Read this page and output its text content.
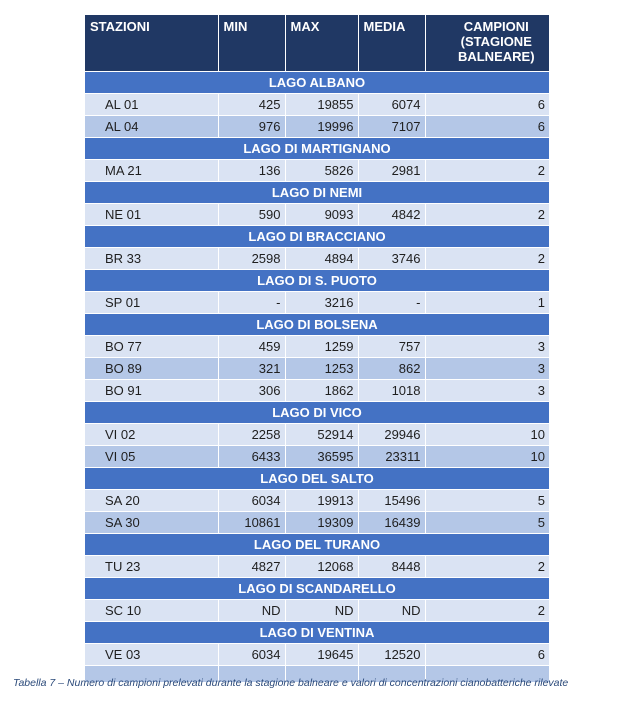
STAZIONI	MIN	MAX	MEDIA	CAMPIONI (STAGIONE BALNEARE)
LAGO ALBANO				
AL 01	425	19855	6074	6
AL 04	976	19996	7107	6
LAGO DI MARTIGNANO				
MA 21	136	5826	2981	2
LAGO DI NEMI				
NE 01	590	9093	4842	2
LAGO DI BRACCIANO				
BR 33	2598	4894	3746	2
LAGO DI S. PUOTO				
SP 01	-	3216	-	1
LAGO DI BOLSENA				
BO 77	459	1259	757	3
BO 89	321	1253	862	3
BO 91	306	1862	1018	3
LAGO DI VICO				
VI 02	2258	52914	29946	10
VI 05	6433	36595	23311	10
LAGO DEL SALTO				
SA 20	6034	19913	15496	5
SA 30	10861	19309	16439	5
LAGO DEL TURANO				
TU 23	4827	12068	8448	2
LAGO DI SCANDARELLO				
SC 10	ND	ND	ND	2
LAGO DI VENTINA				
VE 03	6034	19645	12520	6

Tabella 7 – Numero di campioni prelevati durante la stagione balneare e valori di concentrazioni cianobatteriche rilevate
